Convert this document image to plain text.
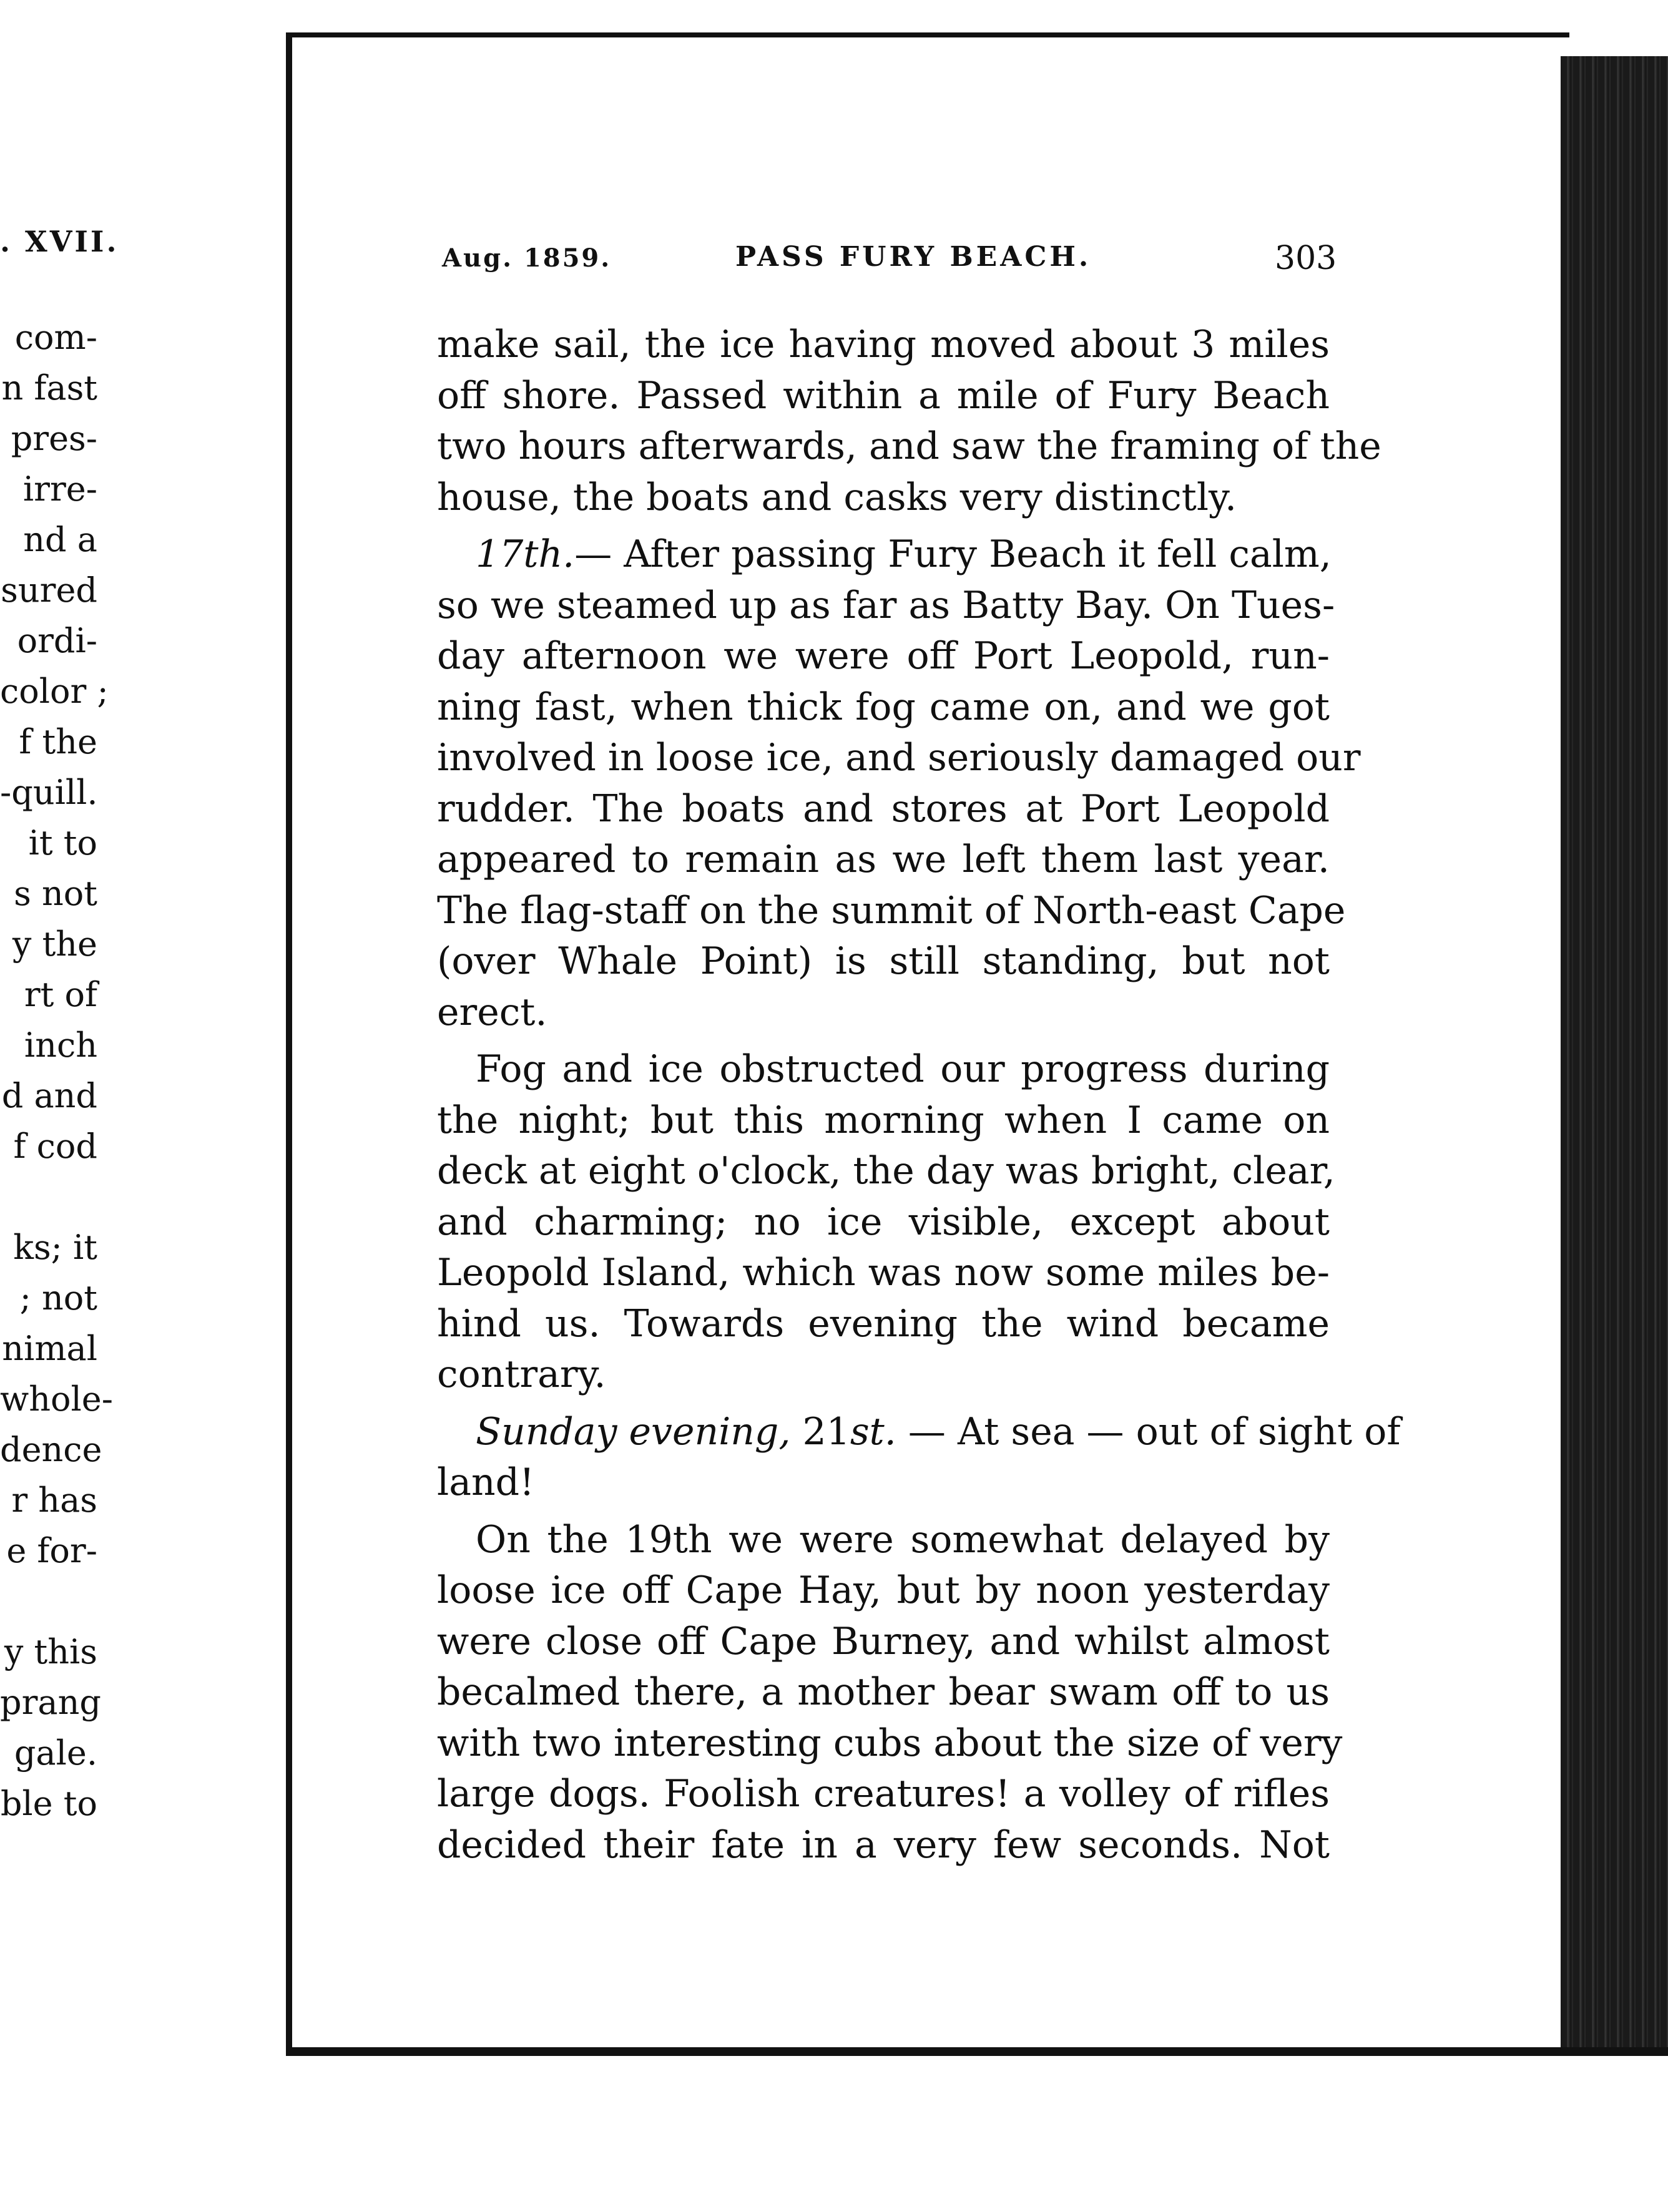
. XVII.
com-
n fast
pres-
irre-
nd a
sured
ordi-
color ;
f the
-quill.
it to
s not
y the
rt of
inch
d and
f cod
ks; it
; not
nimal
whole-
dence
r has
e for-
y this
prang
gale.
ble to
Aug. 1859.	PASS FURY BEACH.	303
make sail, the ice having moved about 3 miles
off shore. Passed within a mile of Fury Beach
two hours afterwards, and saw the framing of the
house, the boats and casks very distinctly.
17th.— After passing Fury Beach it fell calm,
so we steamed up as far as Batty Bay. On Tues-
day afternoon we were off Port Leopold, run-
ning fast, when thick fog came on, and we got
involved in loose ice, and seriously damaged our
rudder. The boats and stores at Port Leopold
appeared to remain as we left them last year.
The flag-staff on the summit of North-east Cape
(over Whale Point) is still standing, but not
erect.
Fog and ice obstructed our progress during
the night; but this morning when I came on
deck at eight o'clock, the day was bright, clear,
and charming; no ice visible, except about
Leopold Island, which was now some miles be-
hind us. Towards evening the wind became
contrary.
Sunday evening, 21st. — At sea — out of sight of
land!
On the 19th we were somewhat delayed by
loose ice off Cape Hay, but by noon yesterday
were close off Cape Burney, and whilst almost
becalmed there, a mother bear swam off to us
with two interesting cubs about the size of very
large dogs. Foolish creatures! a volley of rifles
decided their fate in a very few seconds. Not
